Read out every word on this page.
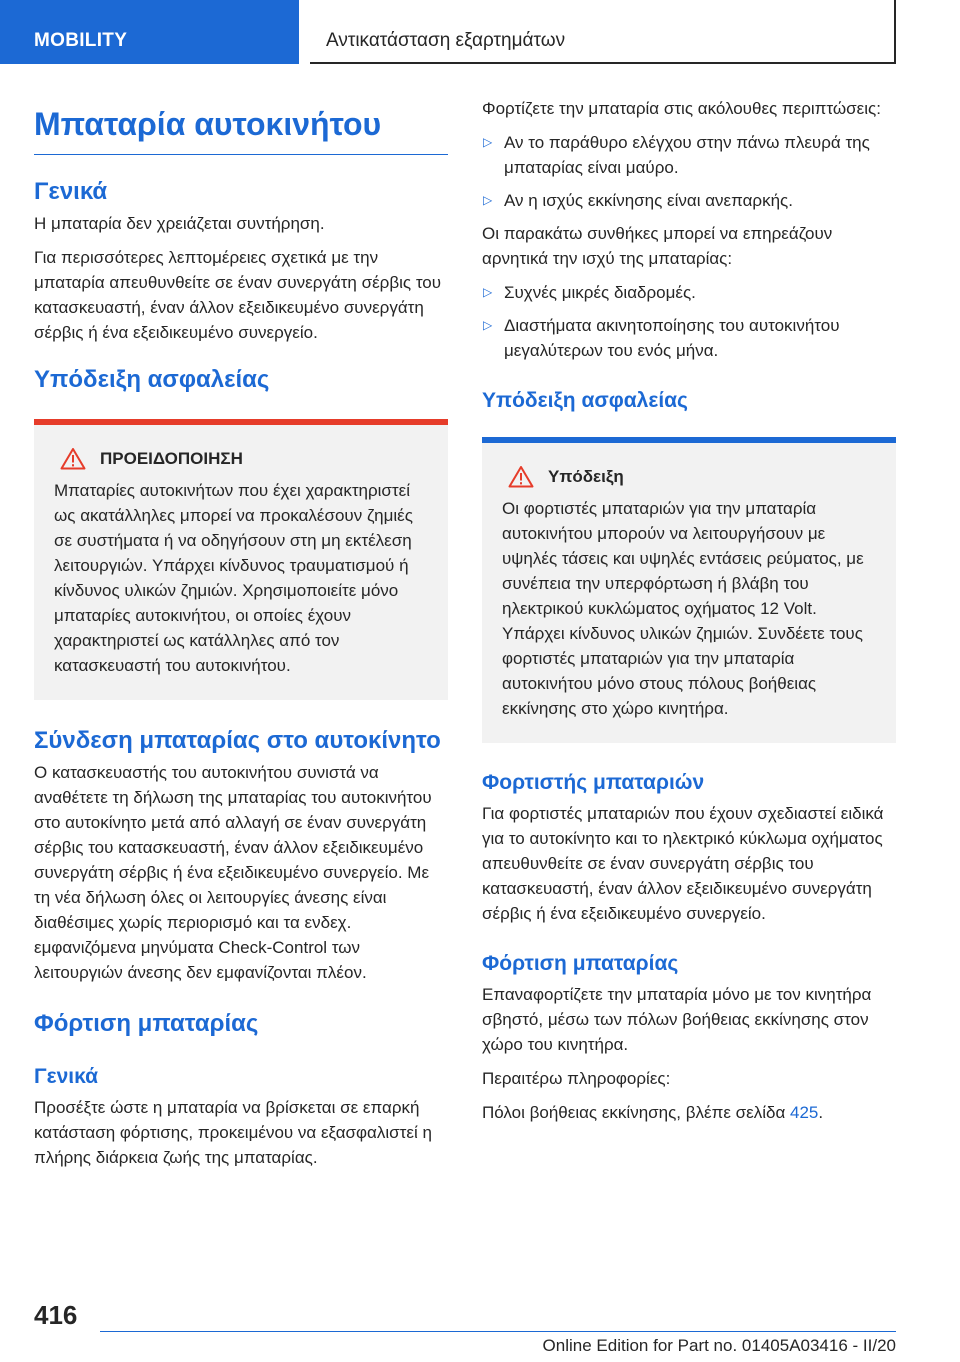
MOBILITY	Αντικατάσταση εξαρτημάτων
Μπαταρία αυτοκινήτου
Γενικά

Η μπαταρία δεν χρειάζεται συντήρηση.

Για περισσότερες λεπτομέρειες σχετικά με την μπαταρία απευθυνθείτε σε έναν συνεργάτη σέρβις του κατασκευαστή, έναν άλλον εξειδικευμένο συνεργάτη σέρβις ή ένα εξειδικευμένο συνεργείο.

Υπόδειξη ασφαλείας
ΠΡΟΕΙΔΟΠΟΙΗΣΗ

Μπαταρίες αυτοκινήτων που έχει χαρακτηριστεί ως ακατάλληλες μπορεί να προκαλέσουν ζημιές σε συστήματα ή να οδηγήσουν στη μη εκτέλεση λειτουργιών. Υπάρχει κίνδυνος τραυματισμού ή κίνδυνος υλικών ζημιών. Χρησιμοποιείτε μόνο μπαταρίες αυτοκινήτου, οι οποίες έχουν χαρακτηριστεί ως κατάλληλες από τον κατασκευαστή του αυτοκινήτου.

Σύνδεση μπαταρίας στο αυτοκίνητο

Ο κατασκευαστής του αυτοκινήτου συνιστά να αναθέτετε τη δήλωση της μπαταρίας του αυτοκινήτου στο αυτοκίνητο μετά από αλλαγή σε έναν συνεργάτη σέρβις του κατασκευαστή, έναν άλλον εξειδικευμένο συνεργάτη σέρβις ή ένα εξειδικευμένο συνεργείο. Με τη νέα δήλωση όλες οι λειτουργίες άνεσης είναι διαθέσιμες χωρίς περιορισμό και τα ενδεχ. εμφανιζόμενα μηνύματα Check-Control των λειτουργιών άνεσης δεν εμφανίζονται πλέον.

Φόρτιση μπαταρίας
Γενικά

Προσέξτε ώστε η μπαταρία να βρίσκεται σε επαρκή κατάσταση φόρτισης, προκειμένου να εξασφαλιστεί η πλήρης διάρκεια ζωής της μπαταρίας.

Φορτίζετε την μπαταρία στις ακόλουθες περιπτώσεις:

▷ Αν το παράθυρο ελέγχου στην πάνω πλευρά της μπαταρίας είναι μαύρο.
▷ Αν η ισχύς εκκίνησης είναι ανεπαρκής.

Οι παρακάτω συνθήκες μπορεί να επηρεάζουν αρνητικά την ισχύ της μπαταρίας:

▷ Συχνές μικρές διαδρομές.
▷ Διαστήματα ακινητοποίησης του αυτοκινήτου μεγαλύτερων του ενός μήνα.
Υπόδειξη ασφαλείας
Υπόδειξη

Οι φορτιστές μπαταριών για την μπαταρία αυτοκινήτου μπορούν να λειτουργήσουν με υψηλές τάσεις και υψηλές εντάσεις ρεύματος, με συνέπεια την υπερφόρτωση ή βλάβη του ηλεκτρικού κυκλώματος οχήματος 12 Volt. Υπάρχει κίνδυνος υλικών ζημιών. Συνδέετε τους φορτιστές μπαταριών για την μπαταρία αυτοκινήτου μόνο στους πόλους βοήθειας εκκίνησης στο χώρο κινητήρα.

Φορτιστής μπαταριών

Για φορτιστές μπαταριών που έχουν σχεδιαστεί ειδικά για το αυτοκίνητο και το ηλεκτρικό κύκλωμα οχήματος απευθυνθείτε σε έναν συνεργάτη σέρβις του κατασκευαστή, έναν άλλον εξειδικευμένο συνεργάτη σέρβις ή ένα εξειδικευμένο συνεργείο.

Φόρτιση μπαταρίας

Επαναφορτίζετε την μπαταρία μόνο με τον κινητήρα σβηστό, μέσω των πόλων βοήθειας εκκίνησης στον χώρο του κινητήρα.

Περαιτέρω πληροφορίες:

Πόλοι βοήθειας εκκίνησης, βλέπε σελίδα 425.

416
Online Edition for Part no. 01405A03416 - II/20
